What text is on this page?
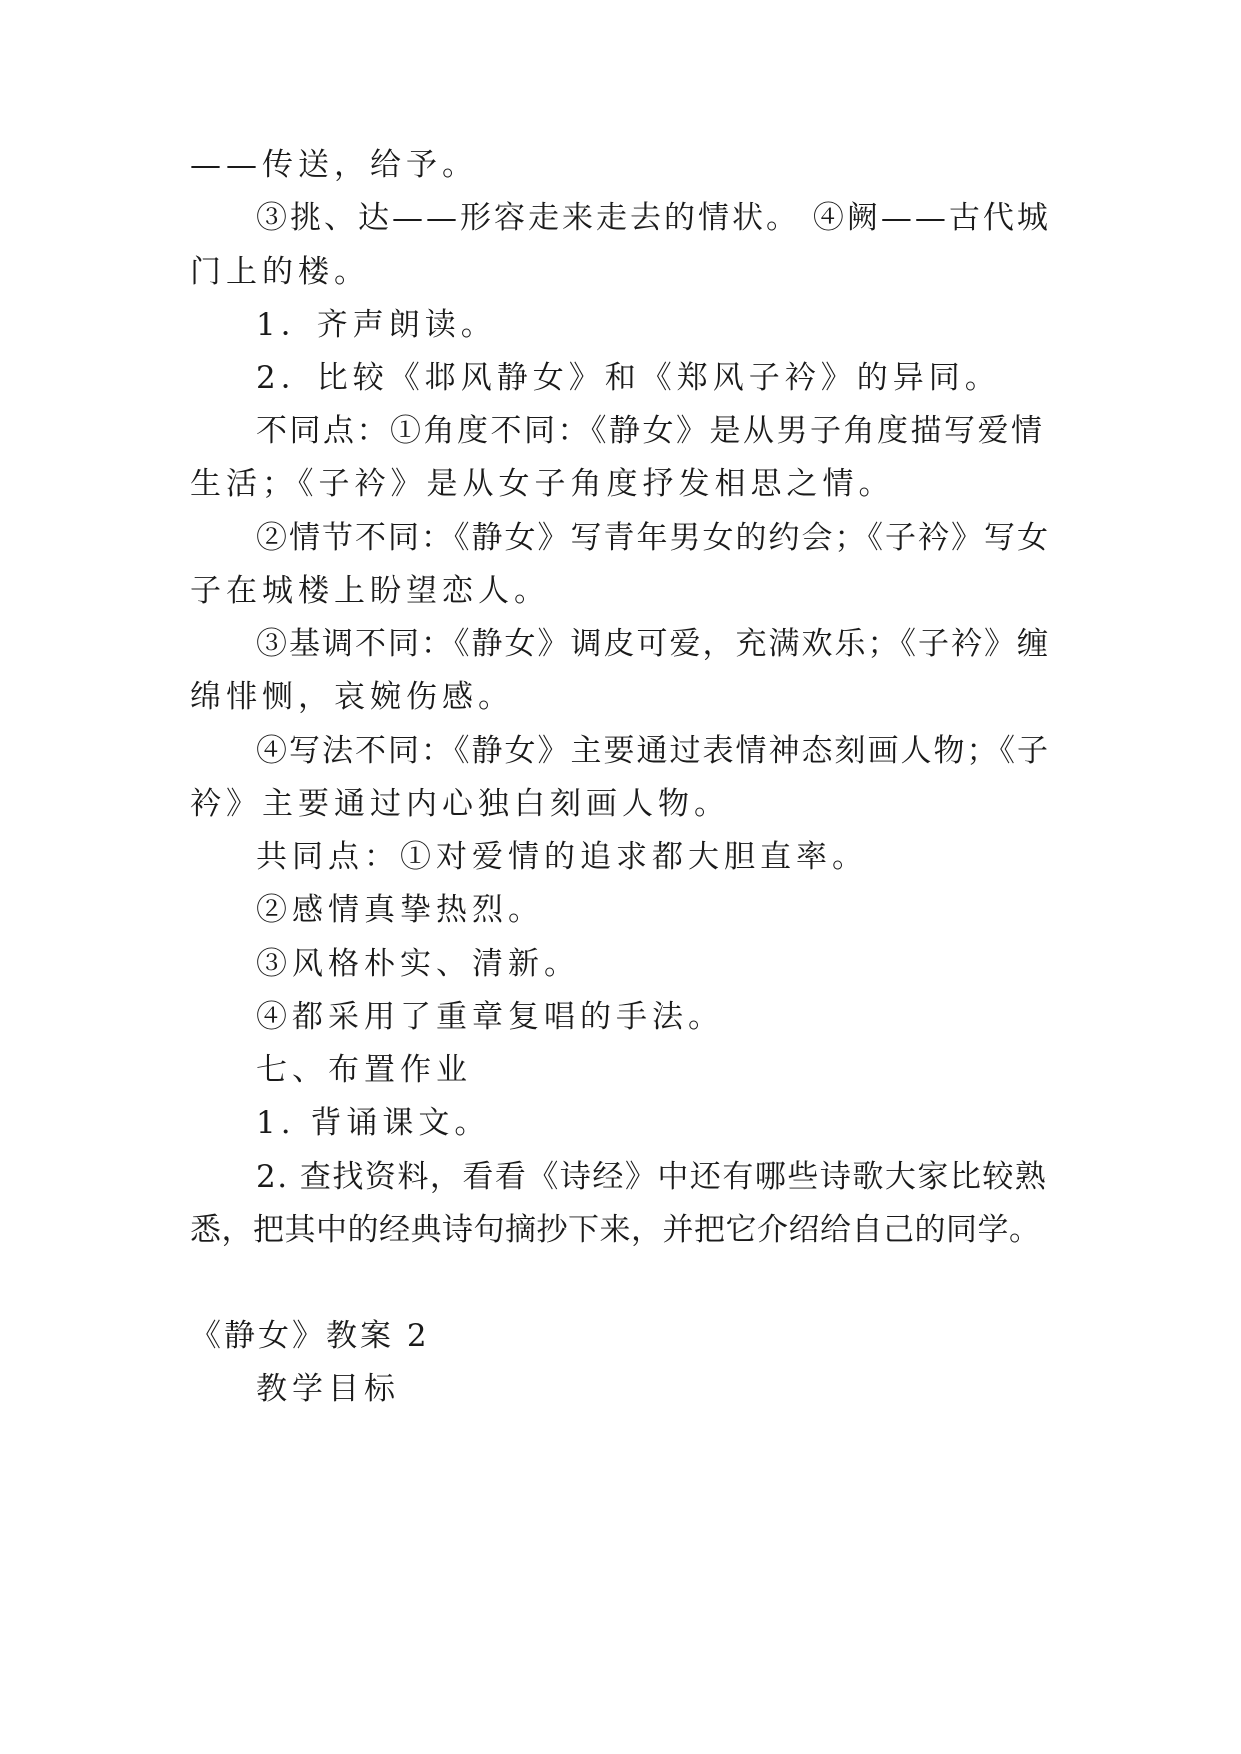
——传送，给予。
③挑、达——形容走来走去的情状。 ④阙——古代城
门上的楼。
1．齐声朗读。
2．比较《邶风静女》和《郑风子衿》的异同。
不同点：①角度不同：《静女》是从男子角度描写爱情
生活；《子衿》是从女子角度抒发相思之情。
②情节不同：《静女》写青年男女的约会；《子衿》写女
子在城楼上盼望恋人。
③基调不同：《静女》调皮可爱，充满欢乐；《子衿》缠
绵悱恻，哀婉伤感。
④写法不同：《静女》主要通过表情神态刻画人物；《子
衿》主要通过内心独白刻画人物。
共同点：①对爱情的追求都大胆直率。
②感情真挚热烈。
③风格朴实、清新。
④都采用了重章复唱的手法。
七、布置作业
1. 背诵课文。
2. 查找资料，看看《诗经》中还有哪些诗歌大家比较熟
悉，把其中的经典诗句摘抄下来，并把它介绍给自己的同学。
《静女》教案 2
教学目标
